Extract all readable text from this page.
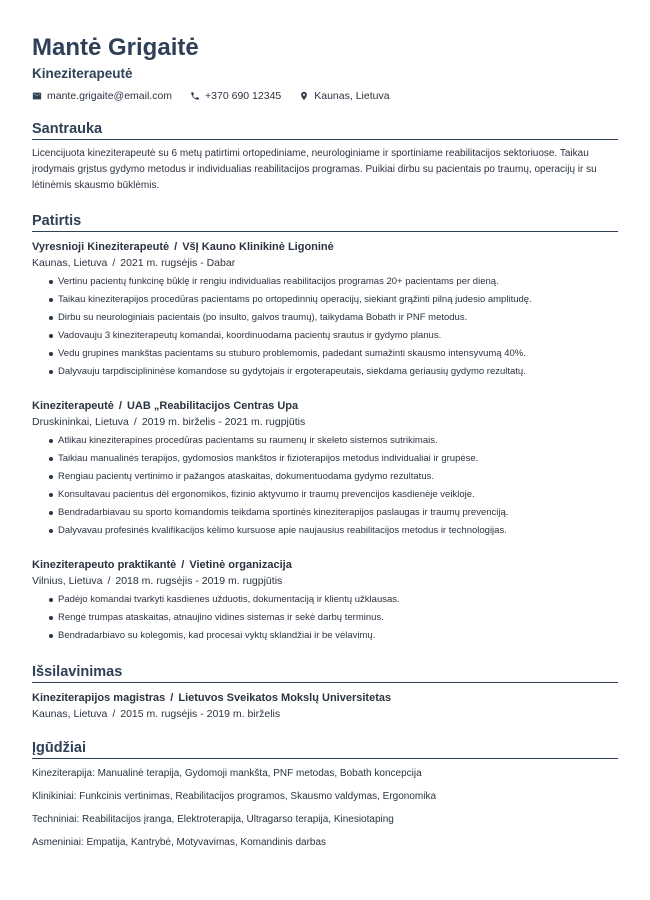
Mantė Grigaitė
Kineziterapeutė
mante.grigaite@email.com	+370 690 12345	Kaunas, Lietuva
Santrauka
Licencijuota kineziterapeutė su 6 metų patirtimi ortopediniame, neurologiniame ir sportiniame reabilitacijos sektoriuose. Taikau įrodymais grįstus gydymo metodus ir individualias reabilitacijos programas. Puikiai dirbu su pacientais po traumų, operacijų ir su lėtinėmis skausmo būklėmis.
Patirtis
Vyresnioji Kineziterapeutė / VšĮ Kauno Klinikinė Ligoninė
Kaunas, Lietuva / 2021 m. rugsėjis - Dabar
Vertinu pacientų funkcinę būklę ir rengiu individualias reabilitacijos programas 20+ pacientams per dieną.
Taikau kineziterapijos procedūras pacientams po ortopedinnių operacijų, siekiant grąžinti pilną judesio amplitudę.
Dirbu su neurologiniais pacientais (po insulto, galvos traumų), taikydama Bobath ir PNF metodus.
Vadovauju 3 kineziterapeutų komandai, koordinuodama pacientų srautus ir gydymo planus.
Vedu grupines mankštas pacientams su stuburo problemomis, padedant sumažinti skausmo intensyvumą 40%.
Dalyvauju tarpdisciplininėse komandose su gydytojais ir ergoterapeutais, siekdama geriausių gydymo rezultatų.
Kineziterapeutė / UAB „Reabilitacijos Centras Upa
Druskininkai, Lietuva / 2019 m. birželis - 2021 m. rugpjūtis
Atlikau kineziterapines procedūras pacientams su raumenų ir skeleto sistemos sutrikimais.
Taikiau manualinės terapijos, gydomosios mankštos ir fizioterapijos metodus individualiai ir grupėse.
Rengiau pacientų vertinimo ir pažangos ataskaitas, dokumentuodama gydymo rezultatus.
Konsultavau pacientus dėl ergonomikos, fizinio aktyvumo ir traumų prevencijos kasdienėje veikloje.
Bendradarbiavau su sporto komandomis teikdama sportinės kineziterapijos paslaugas ir traumų prevenciją.
Dalyvavau profesinės kvalifikacijos kėlimo kursuose apie naujausius reabilitacijos metodus ir technologijas.
Kineziterapeuto praktikantė / Vietinė organizacija
Vilnius, Lietuva / 2018 m. rugsėjis - 2019 m. rugpjūtis
Padėjo komandai tvarkyti kasdienes užduotis, dokumentaciją ir klientų užklausas.
Rengė trumpas ataskaitas, atnaujino vidines sistemas ir sekė darbų terminus.
Bendradarbiavo su kolegomis, kad procesai vyktų sklandžiai ir be vėlavimų.
Išsilavinimas
Kineziterapijos magistras / Lietuvos Sveikatos Mokslų Universitetas
Kaunas, Lietuva / 2015 m. rugsėjis - 2019 m. birželis
Įgūdžiai
Kineziterapija: Manualinė terapija, Gydomoji mankšta, PNF metodas, Bobath koncepcija
Klinikiniai: Funkcinis vertinimas, Reabilitacijos programos, Skausmo valdymas, Ergonomika
Techniniai: Reabilitacijos įranga, Elektroterapija, Ultragarso terapija, Kinesiotaping
Asmeniniai: Empatija, Kantrybė, Motyvavimas, Komandinis darbas
